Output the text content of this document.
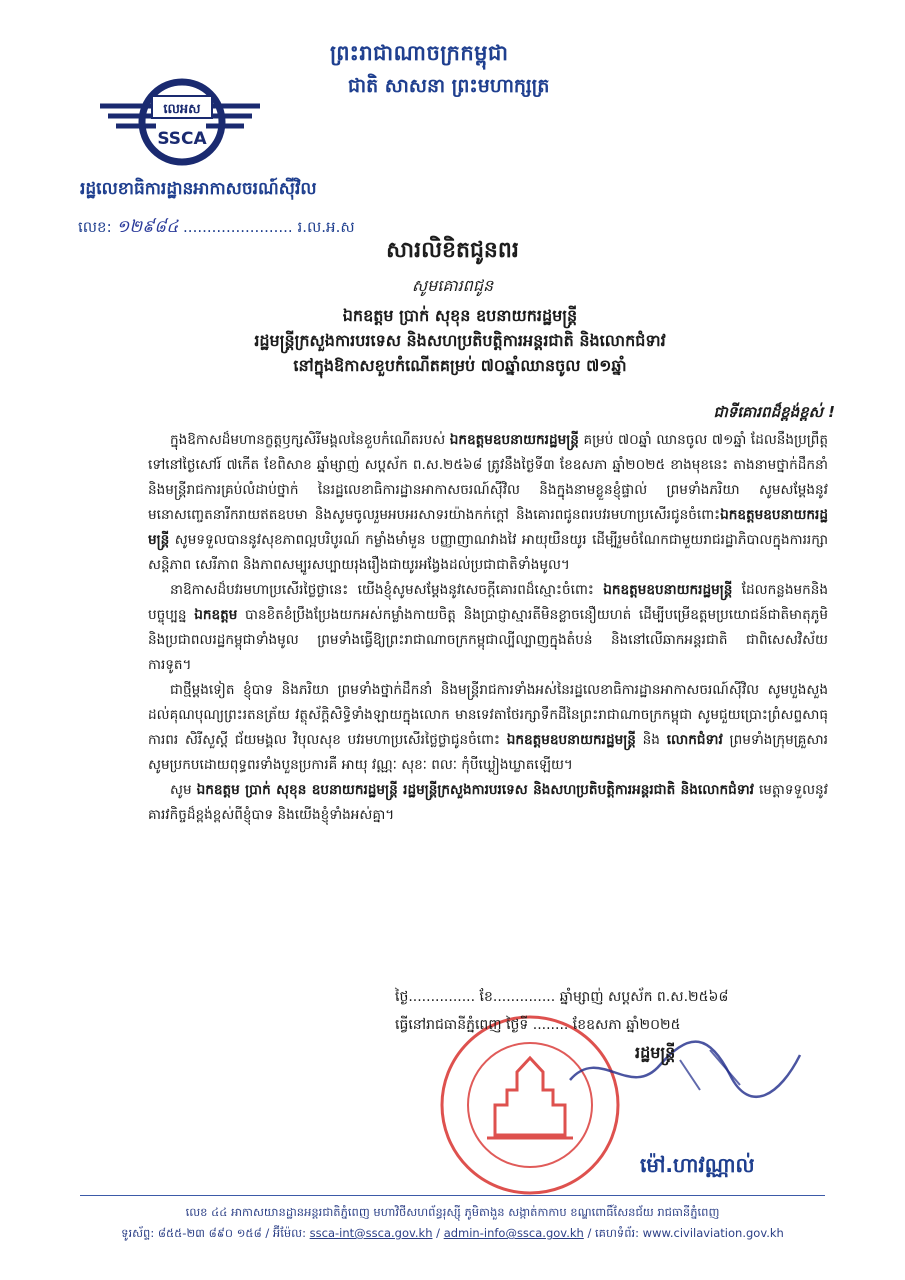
ព្រះរាជាណាចក្រកម្ពុជា
ជាតិ សាសនា ព្រះមហាក្សត្រ
លេអស
SSCA
រដ្ឋលេខាធិការដ្ឋានអាកាសចរណ៍ស៊ីវិល
លេខ: ១២៩៨៤ ....................... រ.ល.អ.ស
សារលិខិតជូនពរ
សូមគោរពជូន
ឯកឧត្តម ប្រាក់ សុខុន ឧបនាយករដ្ឋមន្ត្រី
រដ្ឋមន្ត្រីក្រសួងការបរទេស និងសហប្រតិបត្តិការអន្តរជាតិ និងលោកជំទាវ
នៅក្នុងឱកាសខួបកំណើតគម្រប់ ៧០ឆ្នាំឈានចូល ៧១ឆ្នាំ
ជាទីគោរពដ៏ខ្ពង់ខ្ពស់ !

ក្នុងឱកាសដ៏មហានក្ខត្តឫក្សសិរីមង្គលនៃខួបកំណើតរបស់ ឯកឧត្តមឧបនាយករដ្ឋមន្ត្រី គម្រប់ ៧០ឆ្នាំ ឈានចូល ៧១ឆ្នាំ ដែលនឹងប្រព្រឹត្តទៅនៅថ្ងៃសៅរ៍ ៧កើត ខែពិសាខ ឆ្នាំម្សាញ់ សប្តស័ក ព.ស.២៥៦៨ ត្រូវនឹងថ្ងៃទី៣ ខែឧសភា ឆ្នាំ២០២៥ ខាងមុខនេះ តាងនាមថ្នាក់ដឹកនាំ និងមន្ត្រីរាជការគ្រប់លំដាប់ថ្នាក់ នៃរដ្ឋលេខាធិការដ្ឋានអាកាសចរណ៍ស៊ីវិល និងក្នុងនាមខ្លួនខ្ញុំផ្ទាល់ ព្រមទាំងភរិយា សូមសម្តែងនូវមនោសញ្ចេតនារីករាយឥតឧបមា និងសូមចូលរួមអបអរសាទរយ៉ាងកក់ក្តៅ និងគោរពជូនពរបវរមហាប្រសើរជូនចំពោះឯកឧត្តមឧបនាយករដ្ឋមន្ត្រី សូមទទួលបាននូវសុខភាពល្អបរិបូរណ៍ កម្លាំងមាំមួន បញ្ញាញាណវាងវៃ អាយុយឺនយូរ ដើម្បីរួមចំណែកជាមួយរាជរដ្ឋាភិបាលក្នុងការរក្សាសន្តិភាព សេរីភាព និងភាពសម្បូរសប្បាយរុងរឿងជាយូរអង្វែងដល់ប្រជាជាតិទាំងមូល។

នាឱកាសដ៏បវរមហាប្រសើរថ្លៃថ្លានេះ យើងខ្ញុំសូមសម្តែងនូវសេចក្តីគោរពដ៏ស្មោះចំពោះ ឯកឧត្តមឧបនាយករដ្ឋមន្ត្រី ដែលកន្លងមកនិងបច្ចុប្បន្ន ឯកឧត្តម បានខិតខំប្រឹងប្រែងយកអស់កម្លាំងកាយចិត្ត និងប្រាជ្ញាស្មារតីមិនខ្លាចនឿយហត់ ដើម្បីបម្រើឧត្តមប្រយោជន៍ជាតិមាតុភូមិ និងប្រជាពលរដ្ឋកម្ពុជាទាំងមូល ព្រមទាំងធ្វើឱ្យព្រះរាជាណាចក្រកម្ពុជាល្បីល្បាញក្នុងតំបន់ និងនៅលើឆាកអន្តរជាតិ ជាពិសេសវិស័យការទូត។

ជាថ្មីម្តងទៀត ខ្ញុំបាទ និងភរិយា ព្រមទាំងថ្នាក់ដឹកនាំ និងមន្ត្រីរាជការទាំងអស់នៃរដ្ឋលេខាធិការដ្ឋានអាកាសចរណ៍ស៊ីវិល សូមបួងសួងដល់គុណបុណ្យព្រះរតនត្រ័យ វត្ថុស័ក្តិសិទ្ធិទាំងឡាយក្នុងលោក មានទេវតាថែរក្សាទឹកដីនៃព្រះរាជាណាចក្រកម្ពុជា សូមជួយប្រោះព្រំសព្ទសាធុការពរ សិរីសួស្តី ជ័យមង្គល វិបុលសុខ បវរមហាប្រសើរថ្លៃថ្លាជូនចំពោះ ឯកឧត្តមឧបនាយករដ្ឋមន្ត្រី និង លោកជំទាវ ព្រមទាំងក្រុមគ្រួសារ សូមប្រកបដោយពុទ្ធពរទាំងបួនប្រការគឺ អាយុ វណ្ណៈ សុខៈ ពលៈ កុំបីឃ្លៀងឃ្លាតឡើយ។

សូម ឯកឧត្តម ប្រាក់ សុខុន ឧបនាយករដ្ឋមន្ត្រី រដ្ឋមន្ត្រីក្រសួងការបរទេស និងសហប្រតិបត្តិការអន្តរជាតិ និងលោកជំទាវ មេត្តាទទួលនូវគារវកិច្ចដ៏ខ្ពង់ខ្ពស់ពីខ្ញុំបាទ និងយើងខ្ញុំទាំងអស់គ្នា។

ថ្ងៃ............... ខែ.............. ឆ្នាំម្សាញ់ សប្តស័ក ព.ស.២៥៦៨
ធ្វើនៅរាជធានីភ្នំពេញ ថ្ងៃទី ........ ខែឧសភា ឆ្នាំ២០២៥
រដ្ឋមន្ត្រី
ម៉ៅ.ហាវណ្ណាល់
លេខ ៤៤ អាកាសយានដ្ឋានអន្តរជាតិភ្នំពេញ មហាវិថីសហព័ន្ធរុស្ស៊ី ភូមិតាងួន សង្កាត់កាកាប ខណ្ឌពោធិ៍សែនជ័យ រាជធានីភ្នំពេញ
ទូរស័ព្ទ: ៨៥៥-២៣ ៨៩០ ១៥៨ / អ៊ីម៉ែល: ssca-int@ssca.gov.kh / admin-info@ssca.gov.kh / គេហទំព័រ: www.civilaviation.gov.kh
